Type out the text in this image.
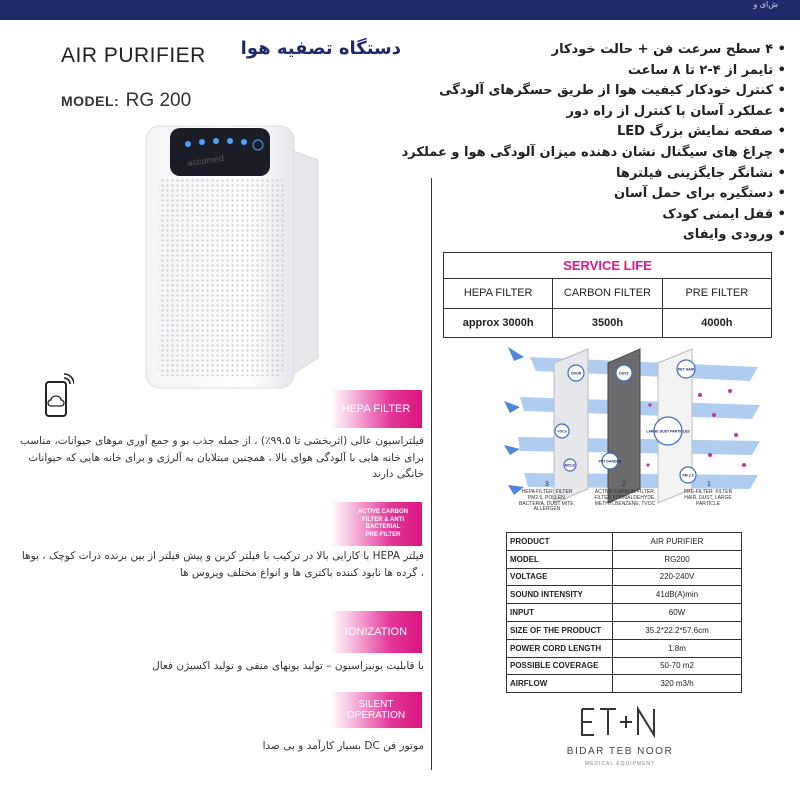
ش‌ای و
AIR PURIFIER	دستگاه تصفیه هوا
MODEL: RG 200
accumed
• ۴ سطح سرعت فن + حالت خودکار
• تایمر از ۴-۲ تا ۸ ساعت
• کنترل خودکار کیفیت هوا از طریق حسگرهای آلودگی
• عملکرد آسان با کنترل از راه دور
• صفحه نمایش بزرگ LED
• چراغ های سیگنال نشان دهنده میزان آلودگی هوا و عملکرد
• نشانگر جایگزینی فیلترها
• دستگیره برای حمل آسان
• قفل ایمنی کودک
• ورودی وایفای
SERVICE LIFE
HEPA FILTER	CARBON FILTER	PRE FILTER
approx 3000h	3500h	4000h
ODOR	DUST
PET HAIR
VOCs	LARGE DUST PARTICLES
PET DANDER
PM 2.5
MOLD
3	2	1
HEPA FILTER: FILTER PM2.5, POLLEN, BACTERIA, DUST MITE, ALLERGEN
ACTIVE CARBON FILTER: FILTER FORMALDEHYDE, METHYLBENZENE, TVOC
PRE-FILTER: FILTER HAIR, DUST, LARGE PARTICLE
PRODUCT	AIR PURIFIER
MODEL	RG200
VOLTAGE	220-240V
SOUND INTENSITY	41dB(A)min
INPUT	60W
SIZE OF THE PRODUCT	35.2*22.2*57.6cm
POWER CORD LENGTH	1.8m
POSSIBLE COVERAGE	50-70 m2
AIRFLOW	320 m3/h
BIDAR TEB NOOR
MEDICAL EQUIPMENT
HEPA FILTER
ACTIVE CARBON
FILTER & ANTI BACTERIAL
PRE-FILTER
IONIZATION
SILENT OPERATION
فیلتراسیون عالی (اثربخشی تا ۹۹.۵٪) ، از جمله جذب بو و جمع آوری موهای حیوانات، مناسب برای خانه هایی با آلودگی هوای بالا ، همچنین مبتلایان به آلرژی و برای خانه هایی که حیوانات خانگی دارند
فیلتر HEPA با کارایی بالا در ترکیب با فیلتر کربن و پیش فیلتر از بین برنده ذرات کوچک ، بوها ، گرده ها نابود کننده باکتری ها و انواع مختلف ویروس ها
با قابلیت یونیزاسیون – تولید یونهای منفی و تولید اکسیژن فعال
موتور فن DC بسیار کارآمد و بی صدا
